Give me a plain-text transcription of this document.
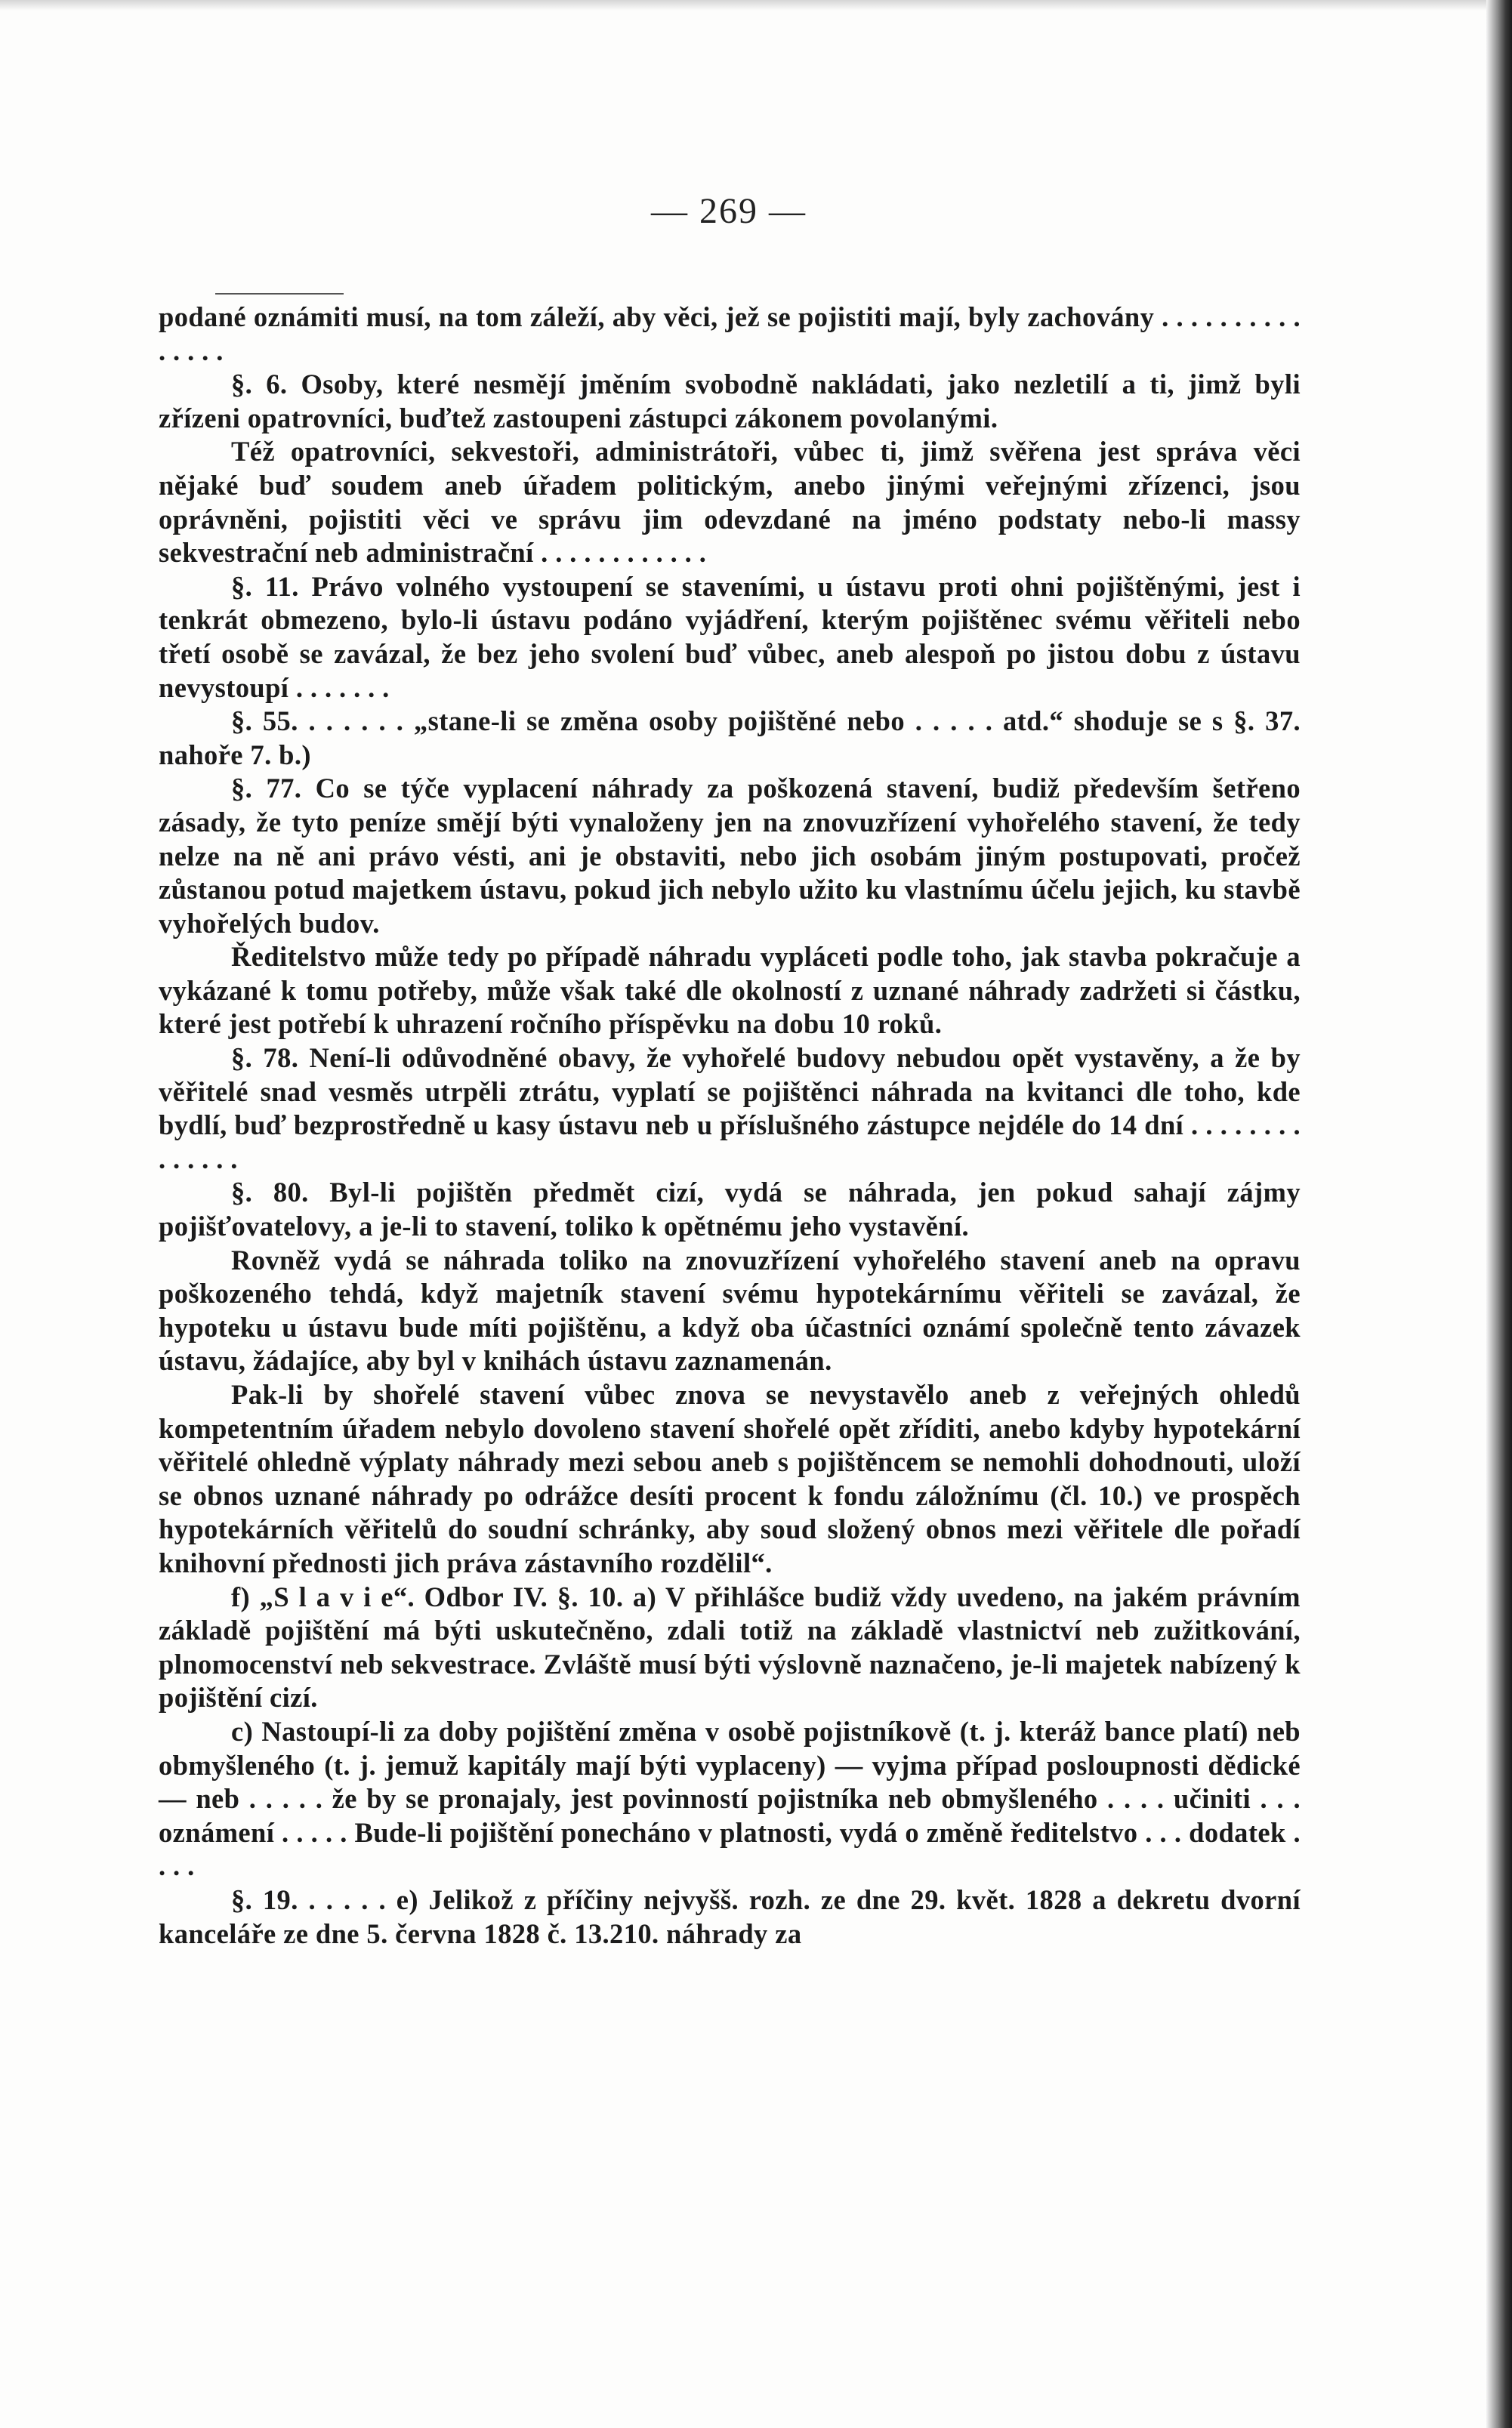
— 269 —

podané oznámiti musí, na tom záleží, aby věci, jež se pojistiti mají, byly zachovány . . . . . . . . . . . . . . .

§. 6. Osoby, které nesmějí jměním svobodně nakládati, jako nezletilí a ti, jimž byli zřízeni opatrovníci, buďtež zastoupeni zástupci zákonem povolanými.

Též opatrovníci, sekvestoři, administrátoři, vůbec ti, jimž svěřena jest správa věci nějaké buď soudem aneb úřadem politickým, anebo jinými veřejnými zřízenci, jsou oprávněni, pojistiti věci ve správu jim odevzdané na jméno podstaty nebo-li massy sekvestrační neb administrační . . . . . . . . . . . .

§. 11. Právo volného vystoupení se staveními, u ústavu proti ohni pojištěnými, jest i tenkrát obmezeno, bylo-li ústavu podáno vyjádření, kterým pojištěnec svému věřiteli nebo třetí osobě se zavázal, že bez jeho svolení buď vůbec, aneb alespoň po jistou dobu z ústavu nevystoupí . . . . . . .

§. 55. . . . . . . „stane-li se změna osoby pojištěné nebo . . . . . atd.“ shoduje se s §. 37. nahoře 7. b.)

§. 77. Co se týče vyplacení náhrady za poškozená stavení, budiž především šetřeno zásady, že tyto peníze smějí býti vynaloženy jen na znovuzřízení vyhořelého stavení, že tedy nelze na ně ani právo vésti, ani je obstaviti, nebo jich osobám jiným postupovati, pročež zůstanou potud majetkem ústavu, pokud jich nebylo užito ku vlastnímu účelu jejich, ku stavbě vyhořelých budov.

Ředitelstvo může tedy po případě náhradu vypláceti podle toho, jak stavba pokračuje a vykázané k tomu potřeby, může však také dle okolností z uznané náhrady zadržeti si částku, které jest potřebí k uhrazení ročního příspěvku na dobu 10 roků.

§. 78. Není-li odůvodněné obavy, že vyhořelé budovy nebudou opět vystavěny, a že by věřitelé snad vesměs utrpěli ztrátu, vyplatí se pojištěnci náhrada na kvitanci dle toho, kde bydlí, buď bezprostředně u kasy ústavu neb u příslušného zástupce nejdéle do 14 dní . . . . . . . . . . . . . .

§. 80. Byl-li pojištěn předmět cizí, vydá se náhrada, jen pokud sahají zájmy pojišťovatelovy, a je-li to stavení, toliko k opětnému jeho vystavění.

Rovněž vydá se náhrada toliko na znovuzřízení vyhořelého stavení aneb na opravu poškozeného tehdá, když majetník stavení svému hypotekárnímu věřiteli se zavázal, že hypoteku u ústavu bude míti pojištěnu, a když oba účastníci oznámí společně tento závazek ústavu, žádajíce, aby byl v knihách ústavu zaznamenán.

Pak-li by shořelé stavení vůbec znova se nevystavělo aneb z veřejných ohledů kompetentním úřadem nebylo dovoleno stavení shořelé opět zříditi, anebo kdyby hypotekární věřitelé ohledně výplaty náhrady mezi sebou aneb s pojištěncem se nemohli dohodnouti, uloží se obnos uznané náhrady po odrážce desíti procent k fondu záložnímu (čl. 10.) ve prospěch hypotekárních věřitelů do soudní schránky, aby soud složený obnos mezi věřitele dle pořadí knihovní přednosti jich práva zástavního rozdělil“.

f) „S l a v i e“. Odbor IV. §. 10. a) V přihlášce budiž vždy uvedeno, na jakém právním základě pojištění má býti uskutečněno, zdali totiž na základě vlastnictví neb zužitkování, plnomocenství neb sekvestrace. Zvláště musí býti výslovně naznačeno, je-li majetek nabízený k pojištění cizí.

c) Nastoupí-li za doby pojištění změna v osobě pojistníkově (t. j. kteráž bance platí) neb obmyšleného (t. j. jemuž kapitály mají býti vyplaceny) — vyjma případ posloupnosti dědické — neb . . . . . že by se pronajaly, jest povinností pojistníka neb obmyšleného . . . . učiniti . . . oznámení . . . . . Bude-li pojištění ponecháno v platnosti, vydá o změně ředitelstvo . . . dodatek . . . .

§. 19. . . . . . e) Jelikož z příčiny nejvyšš. rozh. ze dne 29. květ. 1828 a dekretu dvorní kanceláře ze dne 5. června 1828 č. 13.210. náhrady za
